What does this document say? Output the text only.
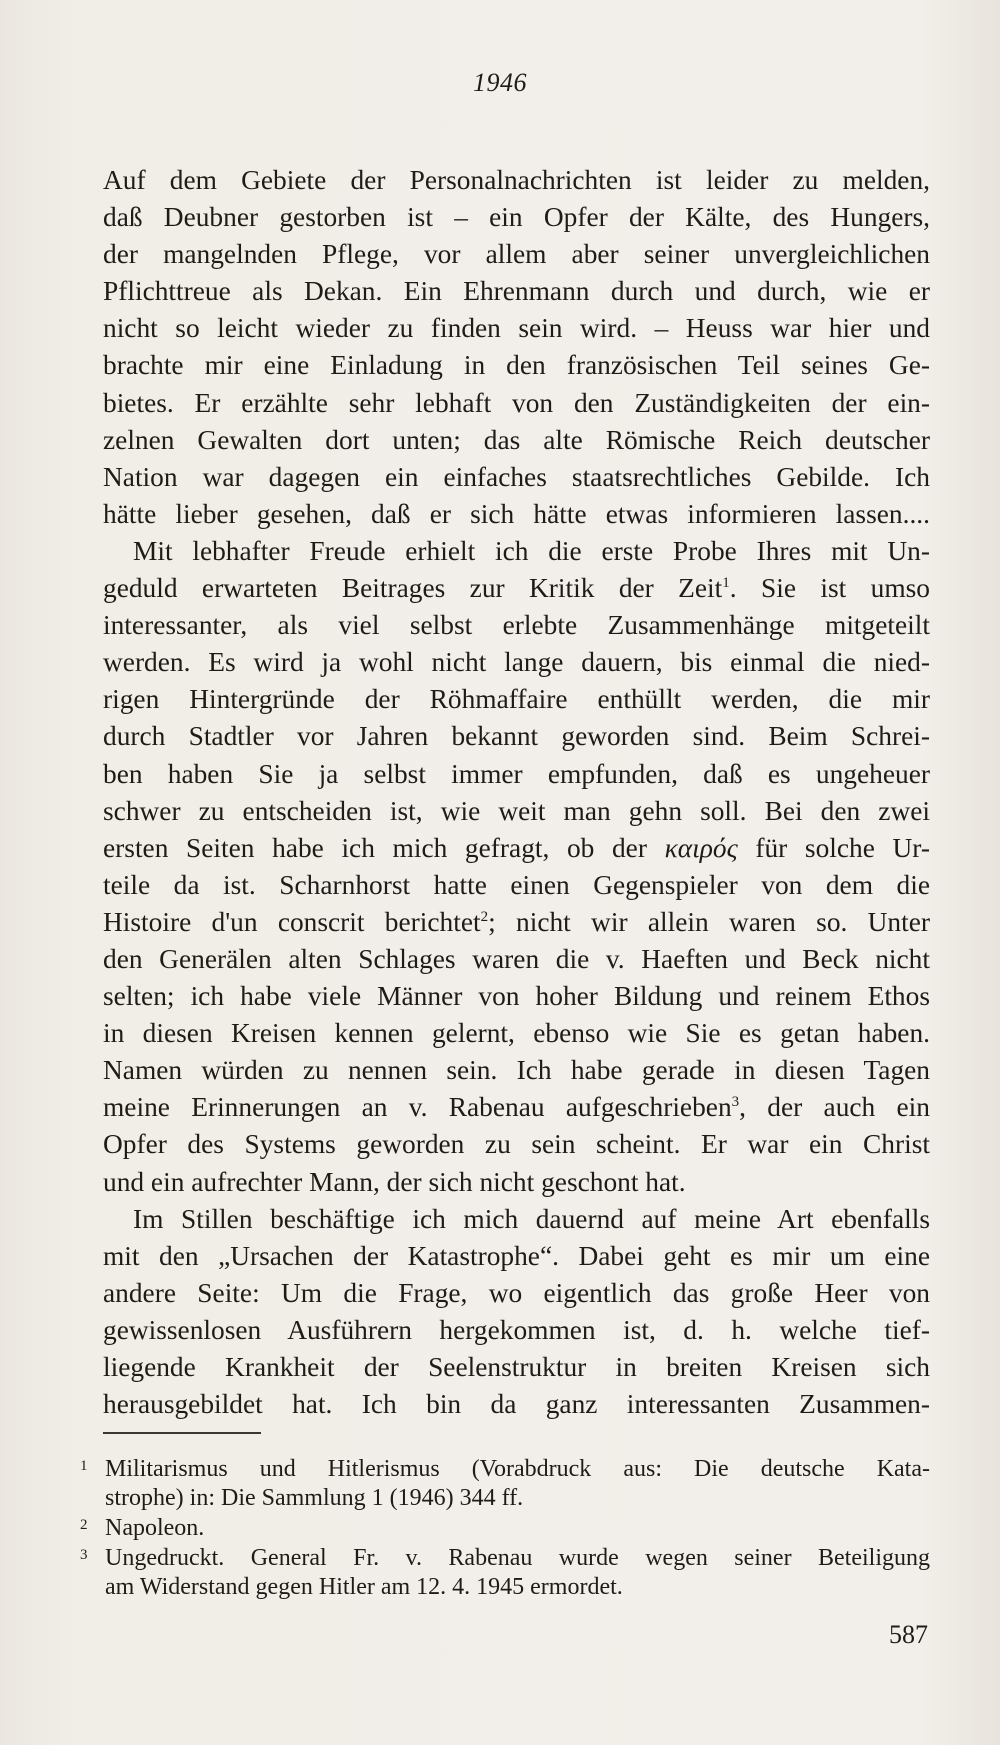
1946
Auf dem Gebiete der Personalnachrichten ist leider zu melden,
daß Deubner gestorben ist – ein Opfer der Kälte, des Hungers,
der mangelnden Pflege, vor allem aber seiner unvergleichlichen
Pflichttreue als Dekan. Ein Ehrenmann durch und durch, wie er
nicht so leicht wieder zu finden sein wird. – Heuss war hier und
brachte mir eine Einladung in den französischen Teil seines Ge-
bietes. Er erzählte sehr lebhaft von den Zuständigkeiten der ein-
zelnen Gewalten dort unten; das alte Römische Reich deutscher
Nation war dagegen ein einfaches staatsrechtliches Gebilde. Ich
hätte lieber gesehen, daß er sich hätte etwas informieren lassen....
Mit lebhafter Freude erhielt ich die erste Probe Ihres mit Un-
geduld erwarteten Beitrages zur Kritik der Zeit$^1$. Sie ist umso
interessanter, als viel selbst erlebte Zusammenhänge mitgeteilt
werden. Es wird ja wohl nicht lange dauern, bis einmal die nied-
rigen Hintergründe der Röhmaffaire enthüllt werden, die mir
durch Stadtler vor Jahren bekannt geworden sind. Beim Schrei-
ben haben Sie ja selbst immer empfunden, daß es ungeheuer
schwer zu entscheiden ist, wie weit man gehn soll. Bei den zwei
ersten Seiten habe ich mich gefragt, ob der καιρός für solche Ur-
teile da ist. Scharnhorst hatte einen Gegenspieler von dem die
Histoire d'un conscrit berichtet$^2$; nicht wir allein waren so. Unter
den Generälen alten Schlages waren die v. Haeften und Beck nicht
selten; ich habe viele Männer von hoher Bildung und reinem Ethos
in diesen Kreisen kennen gelernt, ebenso wie Sie es getan haben.
Namen würden zu nennen sein. Ich habe gerade in diesen Tagen
meine Erinnerungen an v. Rabenau aufgeschrieben$^3$, der auch ein
Opfer des Systems geworden zu sein scheint. Er war ein Christ
und ein aufrechter Mann, der sich nicht geschont hat.
Im Stillen beschäftige ich mich dauernd auf meine Art ebenfalls
mit den „Ursachen der Katastrophe“. Dabei geht es mir um eine
andere Seite: Um die Frage, wo eigentlich das große Heer von
gewissenlosen Ausführern hergekommen ist, d. h. welche tief-
liegende Krankheit der Seelenstruktur in breiten Kreisen sich
herausgebildet hat. Ich bin da ganz interessanten Zusammen-
1 Militarismus und Hitlerismus (Vorabdruck aus: Die deutsche Kata-
strophe) in: Die Sammlung 1 (1946) 344 ff.
2 Napoleon.
3 Ungedruckt. General Fr. v. Rabenau wurde wegen seiner Beteiligung
am Widerstand gegen Hitler am 12. 4. 1945 ermordet.
587
